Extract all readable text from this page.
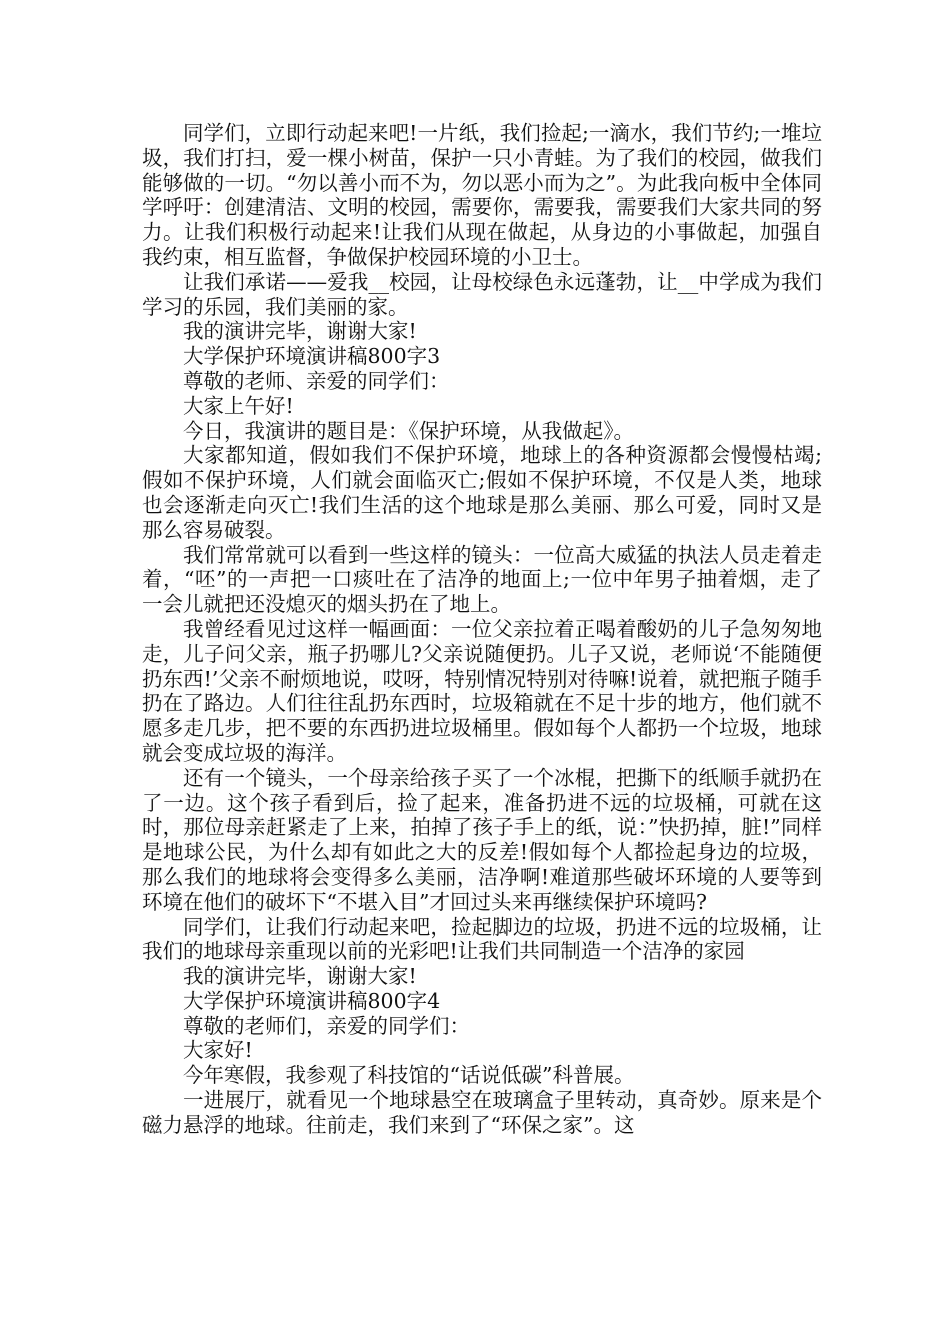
同学们，立即行动起来吧!一片纸，我们捡起;一滴水，我们节约;一堆垃圾，我们打扫，爱一棵小树苗，保护一只小青蛙。为了我们的校园，做我们能够做的一切。“勿以善小而不为，勿以恶小而为之”。为此我向板中全体同学呼吁：创建清洁、文明的校园，需要你，需要我，需要我们大家共同的努力。让我们积极行动起来!让我们从现在做起，从身边的小事做起，加强自我约束，相互监督，争做保护校园环境的小卫士。

让我们承诺——爱我__校园，让母校绿色永远蓬勃，让__中学成为我们学习的乐园，我们美丽的家。

我的演讲完毕，谢谢大家!

大学保护环境演讲稿800字3

尊敬的老师、亲爱的同学们：

大家上午好!

今日，我演讲的题目是：《保护环境，从我做起》。

大家都知道，假如我们不保护环境，地球上的各种资源都会慢慢枯竭;假如不保护环境，人们就会面临灭亡;假如不保护环境，不仅是人类，地球也会逐渐走向灭亡!我们生活的这个地球是那么美丽、那么可爱，同时又是那么容易破裂。

我们常常就可以看到一些这样的镜头：一位高大威猛的执法人员走着走着，“呸”的一声把一口痰吐在了洁净的地面上;一位中年男子抽着烟，走了一会儿就把还没熄灭的烟头扔在了地上。

我曾经看见过这样一幅画面：一位父亲拉着正喝着酸奶的儿子急匆匆地走，儿子问父亲，瓶子扔哪儿?父亲说随便扔。儿子又说，老师说‘不能随便扔东西!’父亲不耐烦地说，哎呀，特别情况特别对待嘛!说着，就把瓶子随手扔在了路边。人们往往乱扔东西时，垃圾箱就在不足十步的地方，他们就不愿多走几步，把不要的东西扔进垃圾桶里。假如每个人都扔一个垃圾，地球就会变成垃圾的海洋。

还有一个镜头，一个母亲给孩子买了一个冰棍，把撕下的纸顺手就扔在了一边。这个孩子看到后，捡了起来，准备扔进不远的垃圾桶，可就在这时，那位母亲赶紧走了上来，拍掉了孩子手上的纸，说：”快扔掉，脏!”同样是地球公民，为什么却有如此之大的反差!假如每个人都捡起身边的垃圾，那么我们的地球将会变得多么美丽，洁净啊!难道那些破坏环境的人要等到环境在他们的破坏下“不堪入目”才回过头来再继续保护环境吗?

同学们，让我们行动起来吧，捡起脚边的垃圾，扔进不远的垃圾桶，让我们的地球母亲重现以前的光彩吧!让我们共同制造一个洁净的家园

我的演讲完毕，谢谢大家!

大学保护环境演讲稿800字4

尊敬的老师们，亲爱的同学们：

大家好!

今年寒假，我参观了科技馆的“话说低碳”科普展。

一进展厅，就看见一个地球悬空在玻璃盒子里转动，真奇妙。原来是个磁力悬浮的地球。往前走，我们来到了“环保之家”。这
